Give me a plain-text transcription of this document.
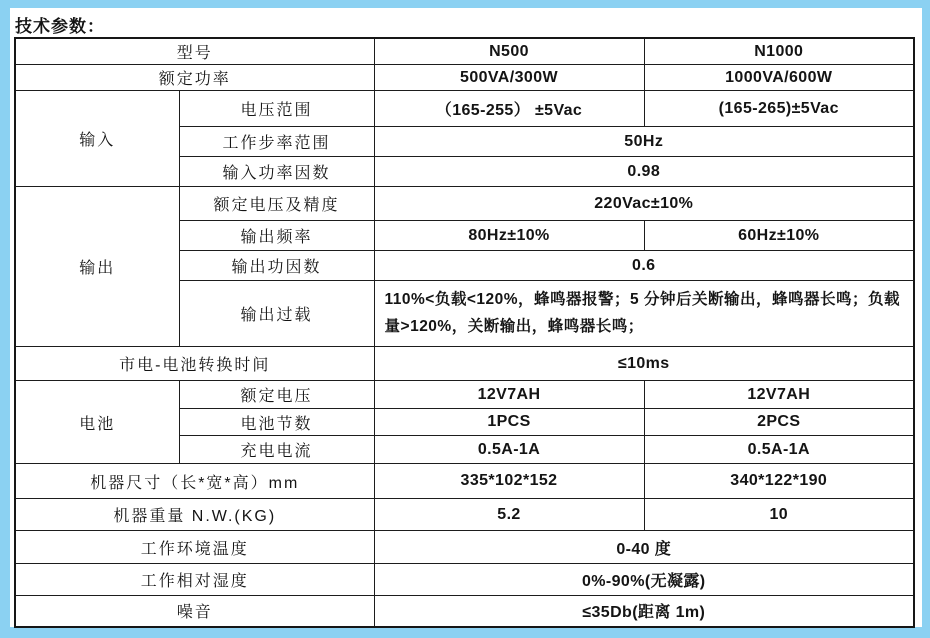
技术参数：
型号		N500	N1000
额定功率		500VA/300W	1000VA/600W
输入	电压范围	（165-255） ±5Vac	(165-265)±5Vac
	工作步率范围	50Hz	
	输入功率因数	0.98	
输出	额定电压及精度	220Vac±10%	
	输出频率	80Hz±10%	60Hz±10%
	输出功因数	0.6	
	输出过载	110%<负载<120%，蜂鸣器报警；5 分钟后关断输出，蜂鸣器长鸣；负载量>120%，关断输出，蜂鸣器长鸣；	
市电-电池转换时间		≤10ms	
电池	额定电压	12V7AH	12V7AH
	电池节数	1PCS	2PCS
	充电电流	0.5A-1A	0.5A-1A
机器尺寸（长*宽*高）mm		335*102*152	340*122*190
机器重量 N.W.(KG)		5.2	10
工作环境温度		0-40 度	
工作相对湿度		0%-90%(无凝露)	
噪音		≤35Db(距离 1m)	
